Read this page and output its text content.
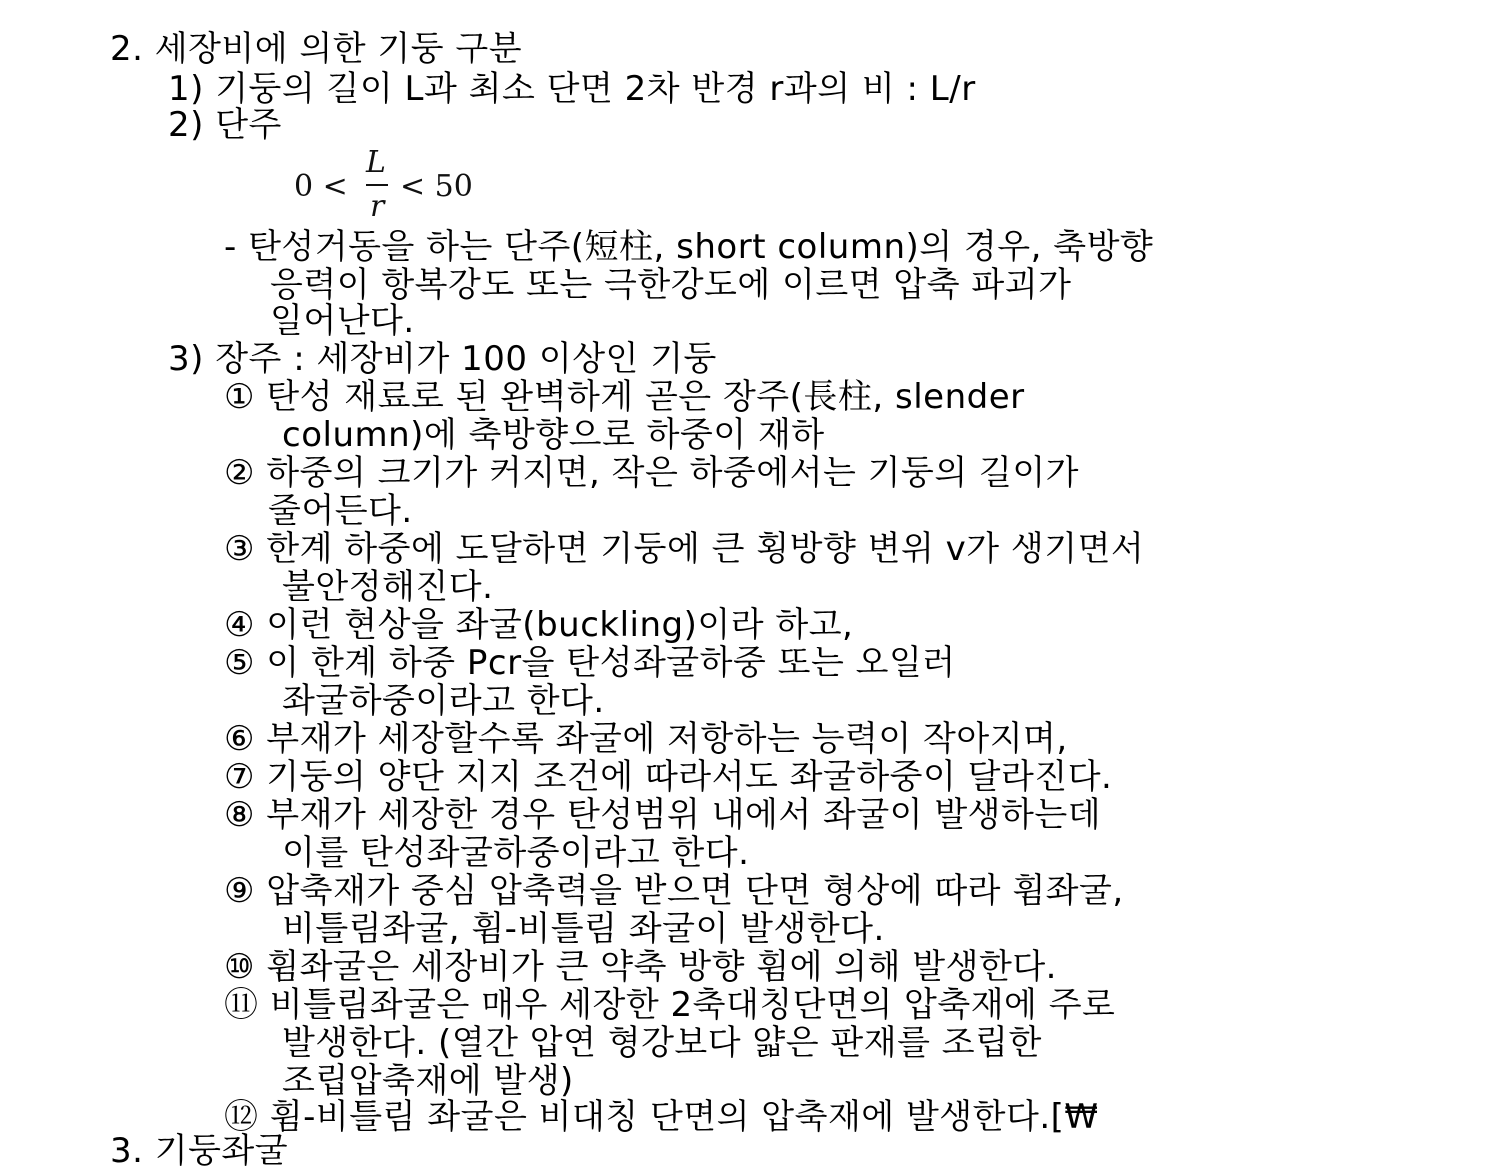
2. 세장비에 의한 기둥 구분
1) 기둥의 길이 L과 최소 단면 2차 반경 r과의 비 : L/r
2) 단주
0 <
L
r
< 50
- 탄성거동을 하는 단주(短柱, short column)의 경우, 축방향
응력이 항복강도 또는 극한강도에 이르면 압축 파괴가
일어난다.
3) 장주 : 세장비가 100 이상인 기둥
① 탄성 재료로 된 완벽하게 곧은 장주(長柱, slender
column)에 축방향으로 하중이 재하
② 하중의 크기가 커지면, 작은 하중에서는 기둥의 길이가
줄어든다.
③ 한계 하중에 도달하면 기둥에 큰 횡방향 변위 v가 생기면서
불안정해진다.
④ 이런 현상을 좌굴(buckling)이라 하고,
⑤ 이 한계 하중 Pcr을 탄성좌굴하중 또는 오일러
좌굴하중이라고 한다.
⑥ 부재가 세장할수록 좌굴에 저항하는 능력이 작아지며,
⑦ 기둥의 양단 지지 조건에 따라서도 좌굴하중이 달라진다.
⑧ 부재가 세장한 경우 탄성범위 내에서 좌굴이 발생하는데
이를 탄성좌굴하중이라고 한다.
⑨ 압축재가 중심 압축력을 받으면 단면 형상에 따라 휨좌굴,
비틀림좌굴, 휨-비틀림 좌굴이 발생한다.
⑩ 휨좌굴은 세장비가 큰 약축 방향 휨에 의해 발생한다.
⑪ 비틀림좌굴은 매우 세장한 2축대칭단면의 압축재에 주로
발생한다. (열간 압연 형강보다 얇은 판재를 조립한
조립압축재에 발생)
⑫ 휨-비틀림 좌굴은 비대칭 단면의 압축재에 발생한다.[₩
3. 기둥좌굴
